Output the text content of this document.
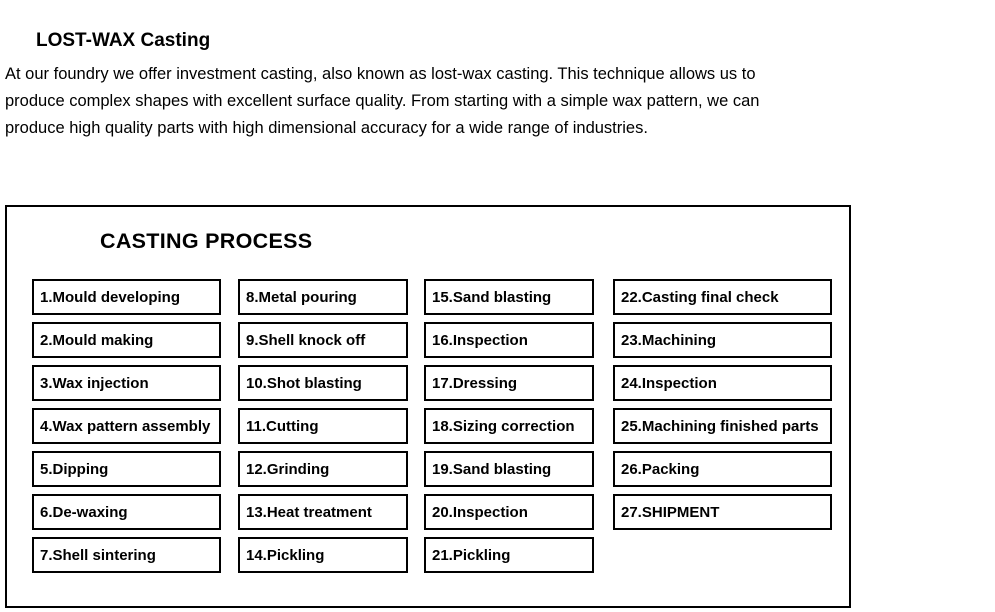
LOST-WAX Casting
At our foundry we offer investment casting, also known as lost-wax casting. This technique allows us to produce complex shapes with excellent surface quality. From starting with a simple wax pattern, we can produce high quality parts with high dimensional accuracy for a wide range of industries.
CASTING PROCESS
1.Mould developing
2.Mould making
3.Wax injection
4.Wax pattern assembly
5.Dipping
6.De-waxing
7.Shell sintering
8.Metal pouring
9.Shell knock off
10.Shot blasting
11.Cutting
12.Grinding
13.Heat treatment
14.Pickling
15.Sand blasting
16.Inspection
17.Dressing
18.Sizing correction
19.Sand blasting
20.Inspection
21.Pickling
22.Casting final check
23.Machining
24.Inspection
25.Machining finished parts
26.Packing
27.SHIPMENT
